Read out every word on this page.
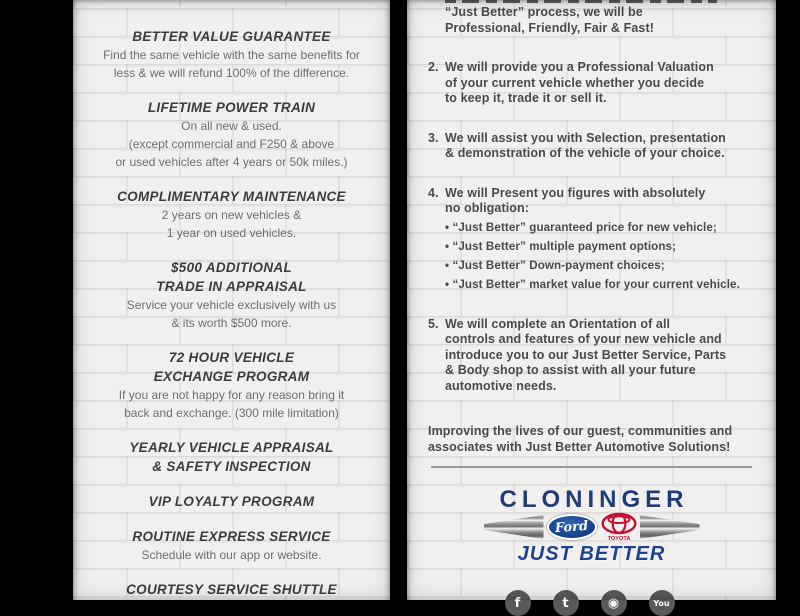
BETTER VALUE GUARANTEE
Find the same vehicle with the same benefits for
less & we will refund 100% of the difference.
LIFETIME POWER TRAIN
On all new & used.
(except commercial and F250 & above
or used vehicles after 4 years or 50k miles.)
COMPLIMENTARY MAINTENANCE
2 years on new vehicles &
1 year on used vehicles.
$500 ADDITIONAL
TRADE IN APPRAISAL
Service your vehicle exclusively with us
& its worth $500 more.
72 HOUR VEHICLE
EXCHANGE PROGRAM
If you are not happy for any reason bring it
back and exchange. (300 mile limitation)
YEARLY VEHICLE APPRAISAL
& SAFETY INSPECTION
VIP LOYALTY PROGRAM
ROUTINE EXPRESS SERVICE
Schedule with our app or website.
COURTESY SERVICE SHUTTLE
“Just Better” process, we will be
Professional, Friendly, Fair & Fast!
2. We will provide you a Professional Valuation
of your current vehicle whether you decide
to keep it, trade it or sell it.
3. We will assist you with Selection, presentation
& demonstration of the vehicle of your choice.
4. We will Present you figures with absolutely
no obligation:
• “Just Better” guaranteed price for new vehicle;
• “Just Better” multiple payment options;
• “Just Better” Down-payment choices;
• “Just Better” market value for your current vehicle.
5. We will complete an Orientation of all
controls and features of your new vehicle and
introduce you to our Just Better Service, Parts
& Body shop to assist with all your future
automotive needs.
Improving the lives of our guest, communities and
associates with Just Better Automotive Solutions!
CLONINGER
Ford
TOYOTA
JUST BETTER
f	t	◉	You
